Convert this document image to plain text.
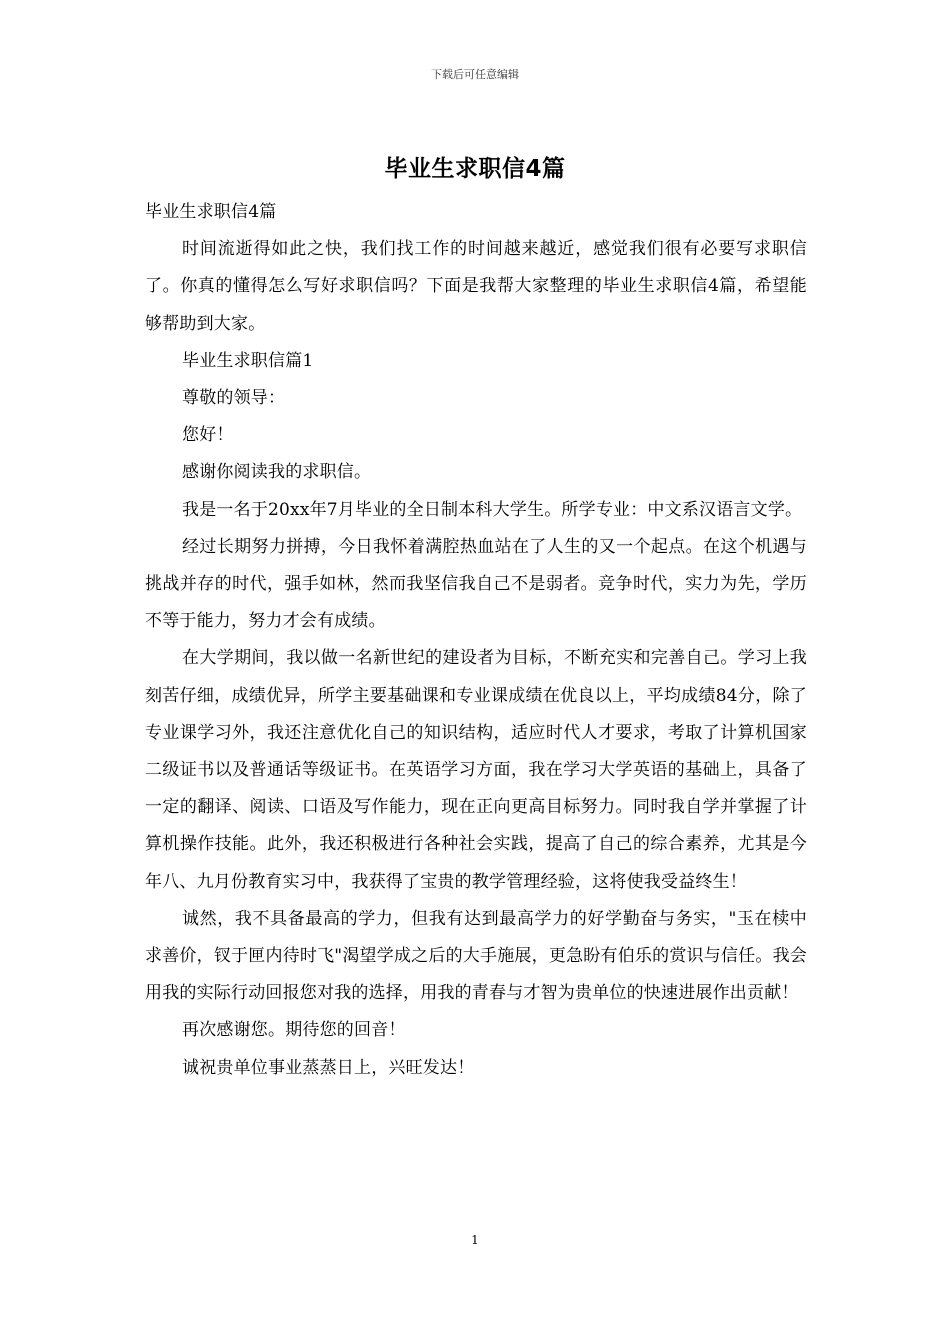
下载后可任意编辑
毕业生求职信4篇

毕业生求职信4篇

时间流逝得如此之快，我们找工作的时间越来越近，感觉我们很有必要写求职信了。你真的懂得怎么写好求职信吗？下面是我帮大家整理的毕业生求职信4篇，希望能够帮助到大家。

毕业生求职信篇1

尊敬的领导：

您好！

感谢你阅读我的求职信。

我是一名于20xx年7月毕业的全日制本科大学生。所学专业：中文系汉语言文学。

经过长期努力拼搏，今日我怀着满腔热血站在了人生的又一个起点。在这个机遇与挑战并存的时代，强手如林，然而我坚信我自己不是弱者。竞争时代，实力为先，学历不等于能力，努力才会有成绩。

在大学期间，我以做一名新世纪的建设者为目标，不断充实和完善自己。学习上我刻苦仔细，成绩优异，所学主要基础课和专业课成绩在优良以上，平均成绩84分，除了专业课学习外，我还注意优化自己的知识结构，适应时代人才要求，考取了计算机国家二级证书以及普通话等级证书。在英语学习方面，我在学习大学英语的基础上，具备了一定的翻译、阅读、口语及写作能力，现在正向更高目标努力。同时我自学并掌握了计算机操作技能。此外，我还积极进行各种社会实践，提高了自己的综合素养，尤其是今年八、九月份教育实习中，我获得了宝贵的教学管理经验，这将使我受益终生！

诚然，我不具备最高的学力，但我有达到最高学力的好学勤奋与务实，"玉在椟中求善价，钗于匣内待时飞"渴望学成之后的大手施展，更急盼有伯乐的赏识与信任。我会用我的实际行动回报您对我的选择，用我的青春与才智为贵单位的快速进展作出贡献！

再次感谢您。期待您的回音！

诚祝贵单位事业蒸蒸日上，兴旺发达！

1
